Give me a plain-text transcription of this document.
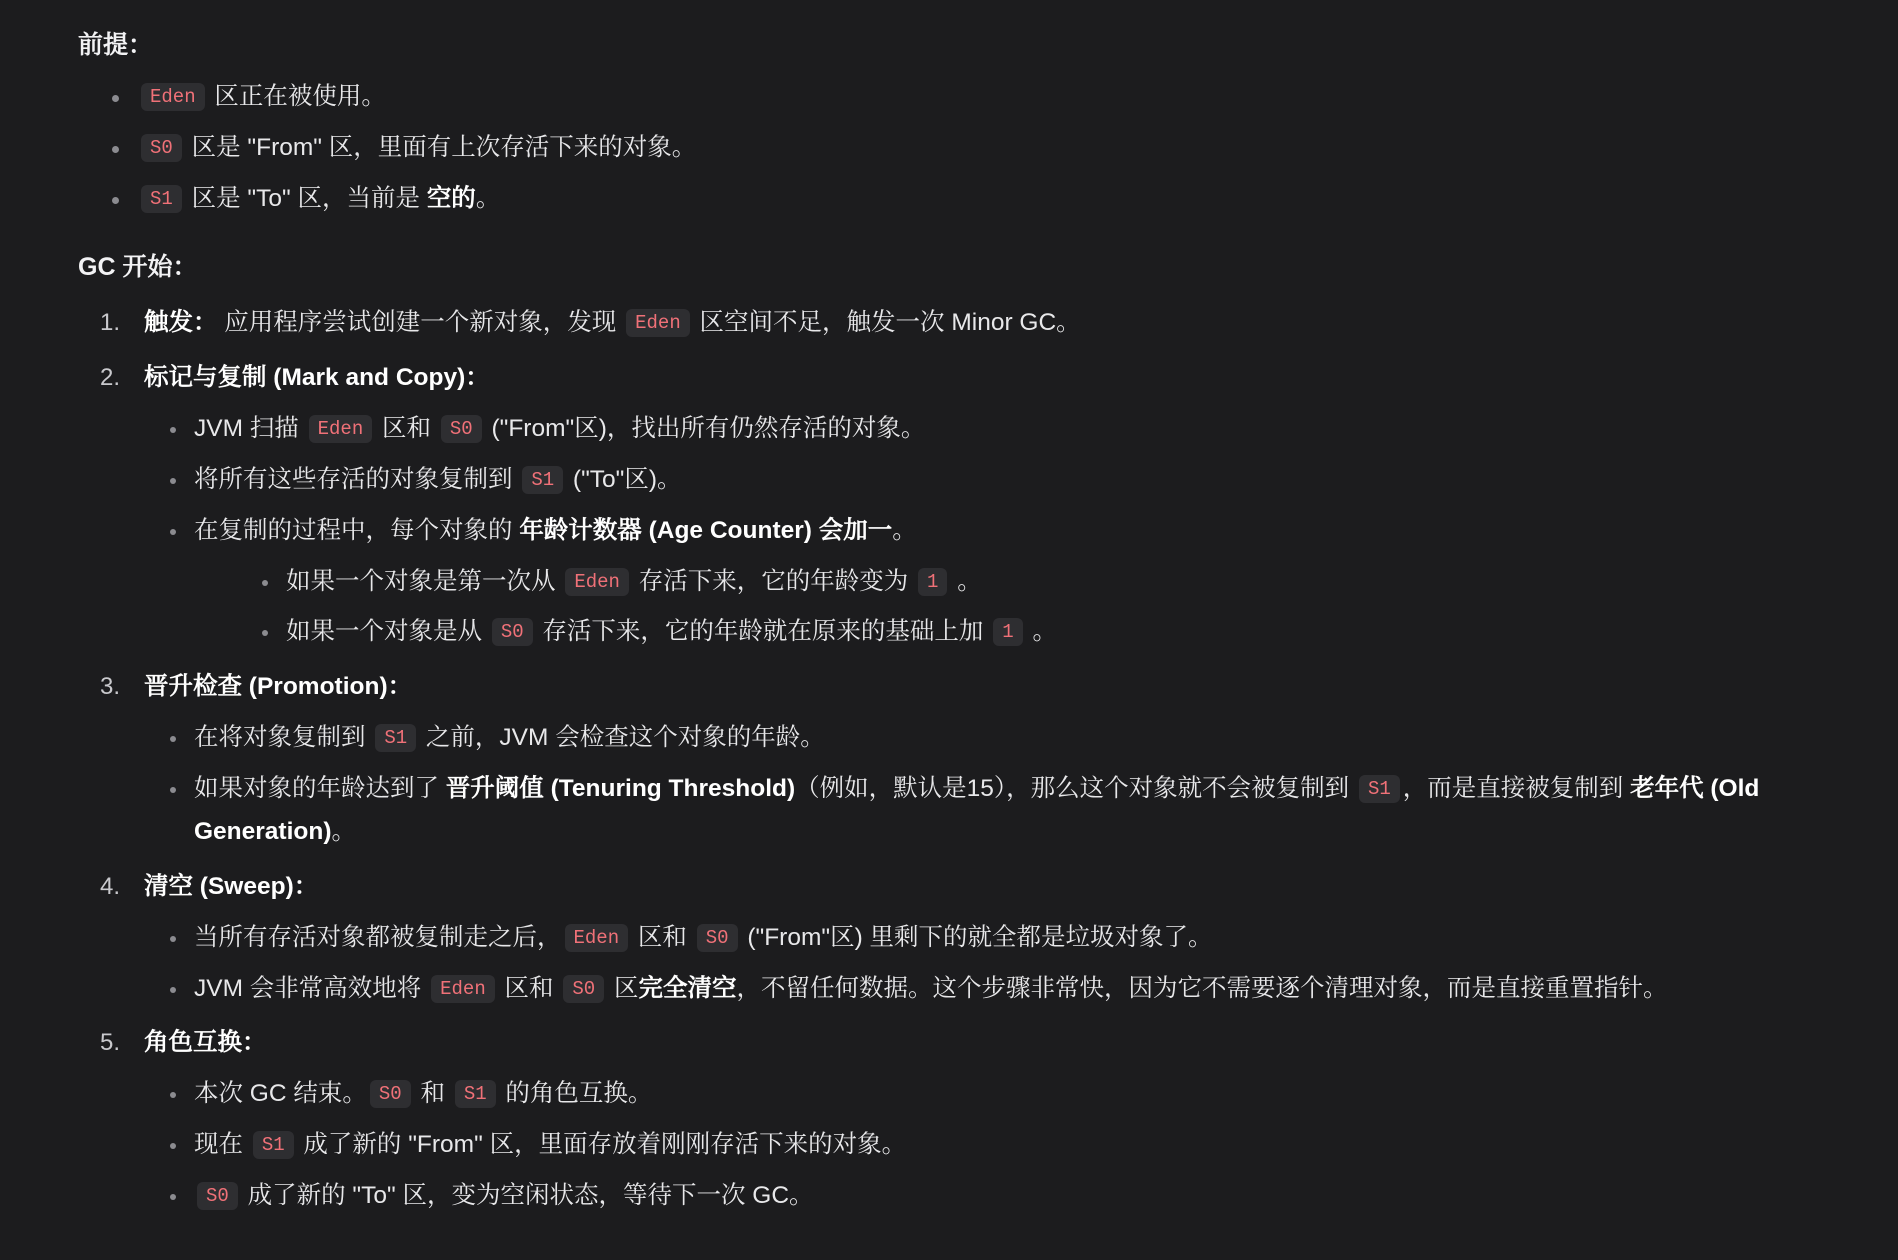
前提：
Eden 区正在被使用。
S0 区是 "From" 区，里面有上次存活下来的对象。
S1 区是 "To" 区，当前是 空的。
GC 开始：
触发： 应用程序尝试创建一个新对象，发现 Eden 区空间不足，触发一次 Minor GC。
标记与复制 (Mark and Copy)：
JVM 扫描 Eden 区和 S0 ("From"区)，找出所有仍然存活的对象。
将所有这些存活的对象复制到 S1 ("To"区)。
在复制的过程中，每个对象的 年龄计数器 (Age Counter) 会加一。
如果一个对象是第一次从 Eden 存活下来，它的年龄变为 1 。
如果一个对象是从 S0 存活下来，它的年龄就在原来的基础上加 1 。
晋升检查 (Promotion)：
在将对象复制到 S1 之前，JVM 会检查这个对象的年龄。
如果对象的年龄达到了 晋升阈值 (Tenuring Threshold)（例如，默认是15），那么这个对象就不会被复制到 S1 ，而是直接被复制到 老年代 (Old Generation)。
清空 (Sweep)：
当所有存活对象都被复制走之后， Eden 区和 S0 ("From"区) 里剩下的就全都是垃圾对象了。
JVM 会非常高效地将 Eden 区和 S0 区完全清空，不留任何数据。这个步骤非常快，因为它不需要逐个清理对象，而是直接重置指针。
角色互换：
本次 GC 结束。 S0 和 S1 的角色互换。
现在 S1 成了新的 "From" 区，里面存放着刚刚存活下来的对象。
S0 成了新的 "To" 区，变为空闲状态，等待下一次 GC。
